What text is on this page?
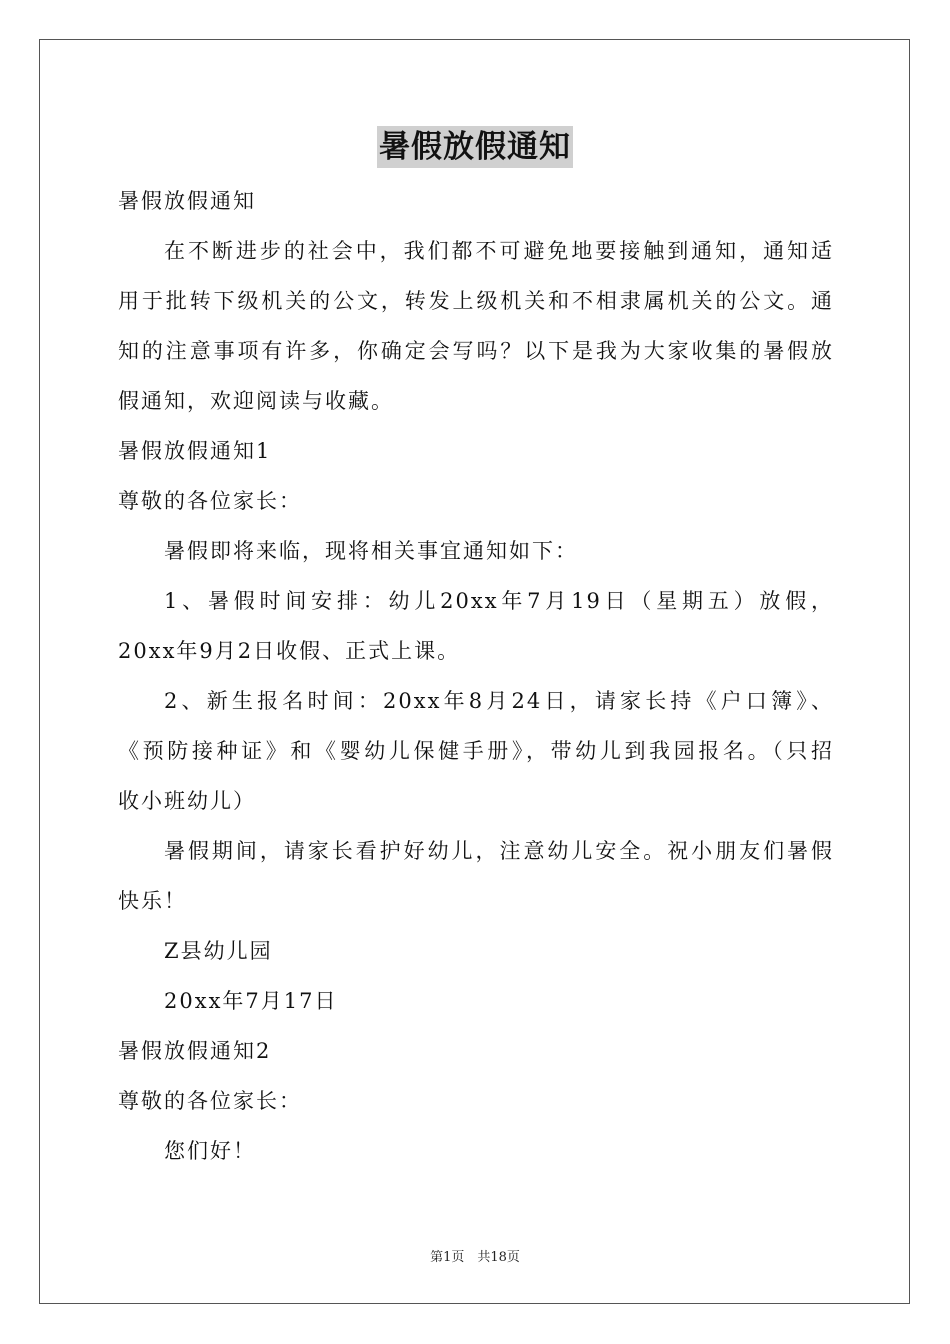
暑假放假通知
暑假放假通知
在不断进步的社会中，我们都不可避免地要接触到通知，通知适
用于批转下级机关的公文，转发上级机关和不相隶属机关的公文。通
知的注意事项有许多，你确定会写吗？以下是我为大家收集的暑假放
假通知，欢迎阅读与收藏。
暑假放假通知1
尊敬的各位家长：
暑假即将来临，现将相关事宜通知如下：
1、暑假时间安排：幼儿20xx年7月19日（星期五）放假，
20xx年9月2日收假、正式上课。
2、新生报名时间：20xx年8月24日，请家长持《户口簿》、
《预防接种证》和《婴幼儿保健手册》，带幼儿到我园报名。（只招
收小班幼儿）
暑假期间，请家长看护好幼儿，注意幼儿安全。祝小朋友们暑假
快乐！
Z县幼儿园
20xx年7月17日
暑假放假通知2
尊敬的各位家长：
您们好！
第1页　共18页
